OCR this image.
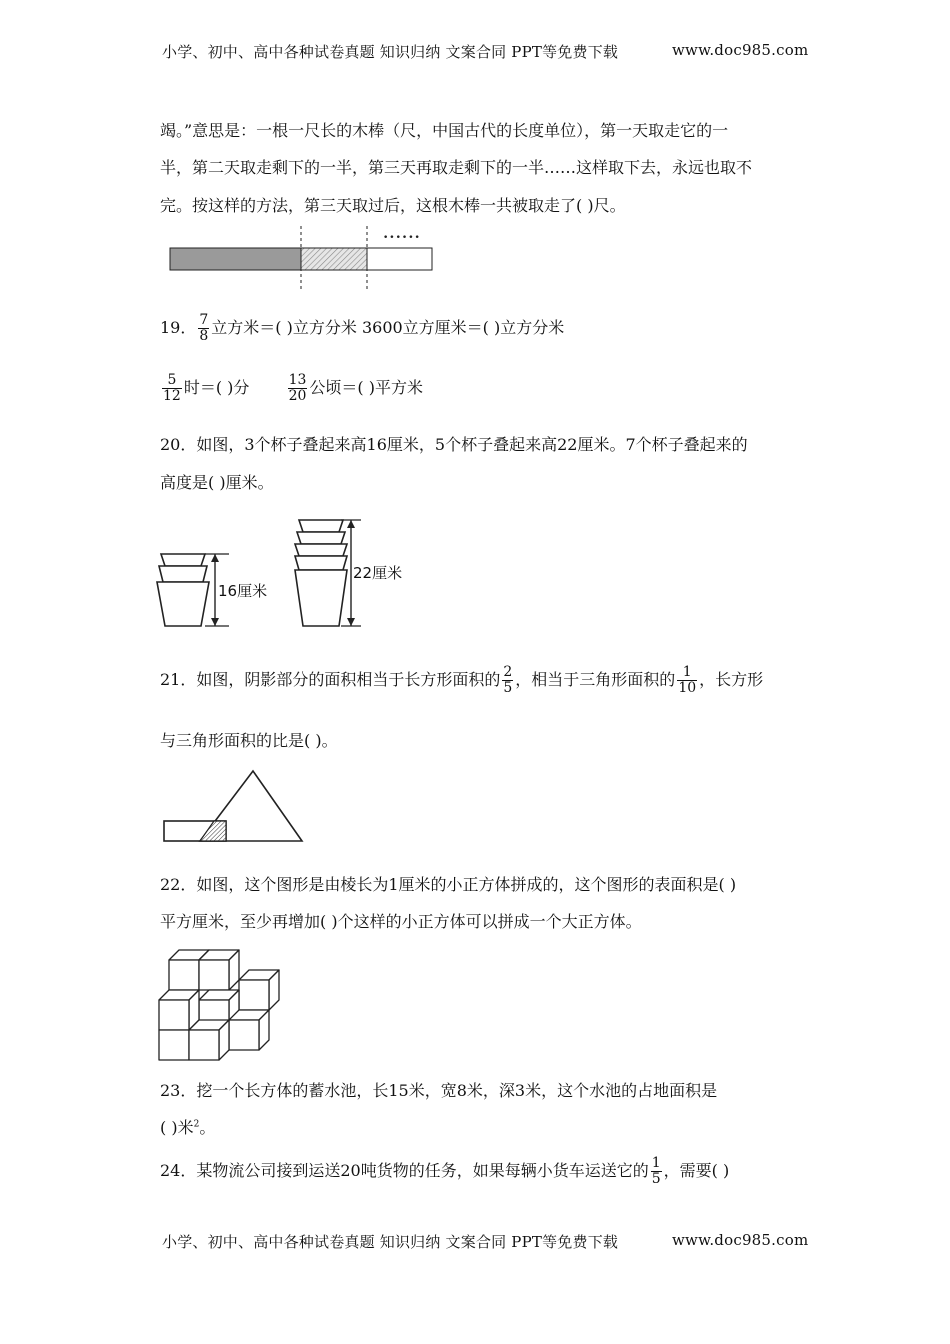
小学、初中、高中各种试卷真题 知识归纳 文案合同 PPT等免费下载	www.doc985.com
竭。”意思是：一根一尺长的木棒（尺，中国古代的长度单位），第一天取走它的一
半，第二天取走剩下的一半，第三天再取走剩下的一半……这样取下去，永远也取不
完。按这样的方法，第三天取过后，这根木棒一共被取走了( )尺。
••••••
19． $\frac{7}{8}$ 立方米＝( )立方分米 3600立方厘米＝( )立方分米
$\frac{5}{12}$ 时＝( )分	$\frac{13}{20}$ 公顷＝( )平方米
20．如图，3个杯子叠起来高16厘米，5个杯子叠起来高22厘米。7个杯子叠起来的
高度是( )厘米。
16厘米
22厘米
21．如图，阴影部分的面积相当于长方形面积的 $\frac{2}{5}$ ，相当于三角形面积的 $\frac{1}{10}$ ，长方形
与三角形面积的比是( )。
22．如图，这个图形是由棱长为1厘米的小正方体拼成的，这个图形的表面积是( )
平方厘米，至少再增加( )个这样的小正方体可以拼成一个大正方体。
23．挖一个长方体的蓄水池，长15米，宽8米，深3米，这个水池的占地面积是
( )米$^2$。
24．某物流公司接到运送20吨货物的任务，如果每辆小货车运送它的 $\frac{1}{5}$ ，需要( )
小学、初中、高中各种试卷真题 知识归纳 文案合同 PPT等免费下载	www.doc985.com
